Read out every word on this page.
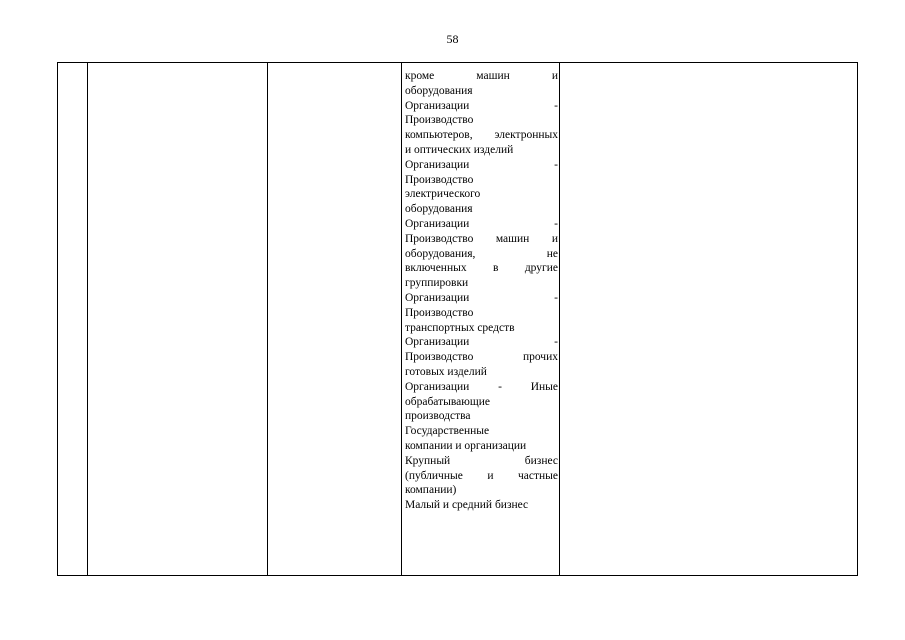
58
кроме машин и
оборудования
Организации -
Производство
компьютеров, электронных
и оптических изделий
Организации -
Производство
электрического
оборудования
Организации -
Производство машин и
оборудования, не
включенных в другие
группировки
Организации -
Производство
транспортных средств
Организации -
Производство прочих
готовых изделий
Организации - Иные
обрабатывающие
производства
Государственные
компании и организации
Крупный бизнес
(публичные и частные
компании)
Малый и средний бизнес
